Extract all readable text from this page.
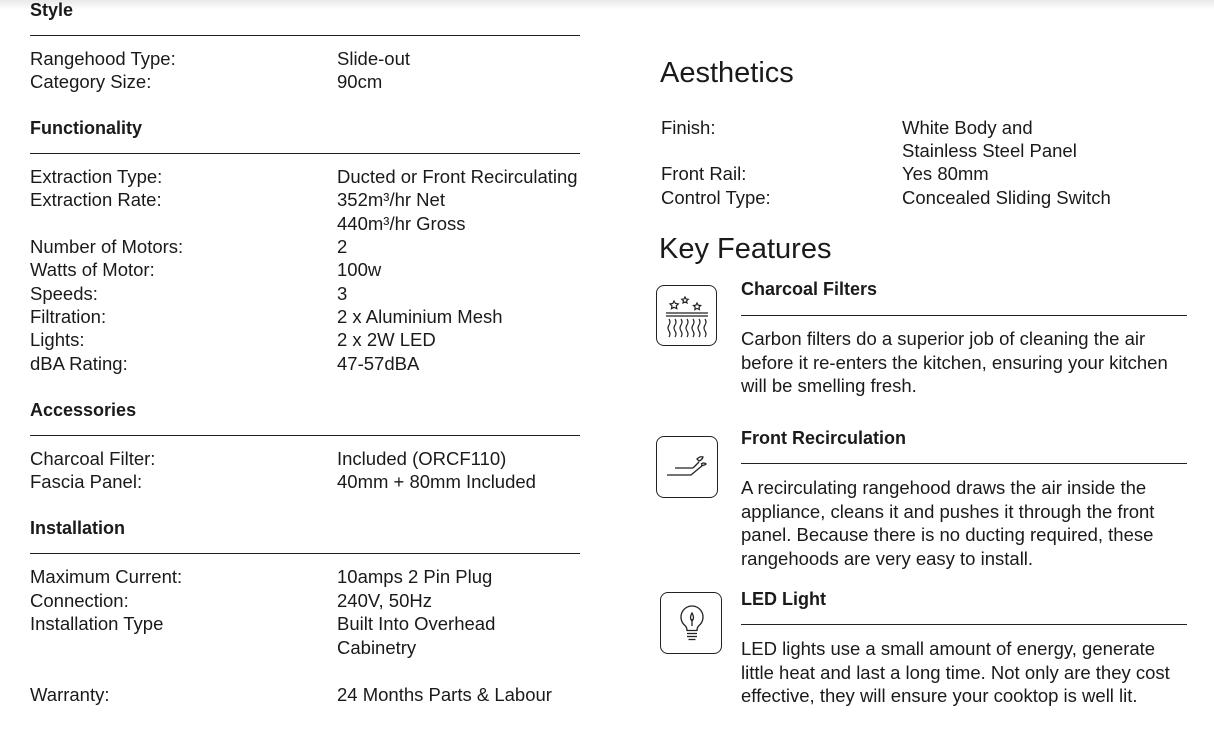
Style
Rangehood Type:	Slide-out
Category Size:	90cm
Functionality
Extraction Type:	Ducted or Front Recirculating
Extraction Rate:	352m³/hr Net
440m³/hr Gross
Number of Motors:	2
Watts of Motor:	100w
Speeds:	3
Filtration:	2 x Aluminium Mesh
Lights:	2 x 2W LED
dBA Rating:	47-57dBA
Accessories
Charcoal Filter:	Included (ORCF110)
Fascia Panel:	40mm + 80mm Included
Installation
Maximum Current:	10amps 2 Pin Plug
Connection:	240V, 50Hz
Installation Type	Built Into Overhead
Cabinetry
Warranty:	24 Months Parts & Labour
Aesthetics
Finish:	White Body and
Stainless Steel Panel
Front Rail:	Yes 80mm
Control Type:	Concealed Sliding Switch
Key Features
Charcoal Filters
Carbon filters do a superior job of cleaning the air before it re-enters the kitchen, ensuring your kitchen will be smelling fresh.
Front Recirculation
A recirculating rangehood draws the air inside the appliance, cleans it and pushes it through the front panel. Because there is no ducting required, these rangehoods are very easy to install.
LED Light
LED lights use a small amount of energy, generate little heat and last a long time. Not only are they cost effective, they will ensure your cooktop is well lit.
